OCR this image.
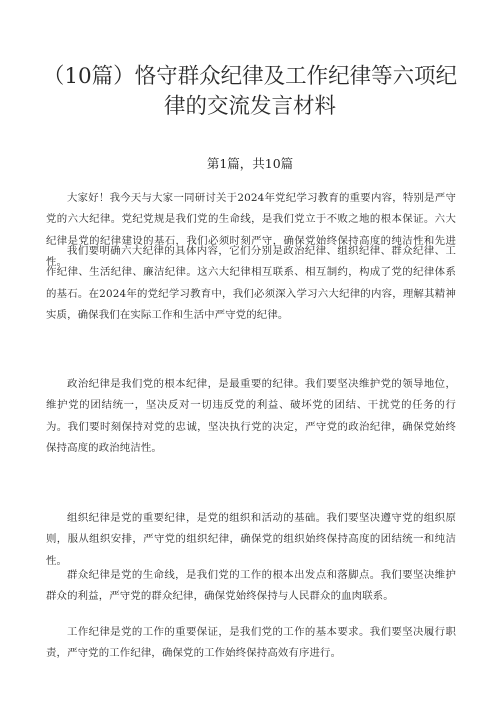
（10篇）恪守群众纪律及工作纪律等六项纪律的交流发言材料

第1篇，共10篇

大家好！我今天与大家一同研讨关于2024年党纪学习教育的重要内容，特别是严守党的六大纪律。党纪党规是我们党的生命线，是我们党立于不败之地的根本保证。六大纪律是党的纪律建设的基石，我们必须时刻严守，确保党始终保持高度的纯洁性和先进性。

我们要明确六大纪律的具体内容，它们分别是政治纪律、组织纪律、群众纪律、工作纪律、生活纪律、廉洁纪律。这六大纪律相互联系、相互制约，构成了党的纪律体系的基石。在2024年的党纪学习教育中，我们必须深入学习六大纪律的内容，理解其精神实质，确保我们在实际工作和生活中严守党的纪律。

政治纪律是我们党的根本纪律，是最重要的纪律。我们要坚决维护党的领导地位，维护党的团结统一，坚决反对一切违反党的利益、破坏党的团结、干扰党的任务的行为。我们要时刻保持对党的忠诚，坚决执行党的决定，严守党的政治纪律，确保党始终保持高度的政治纯洁性。

组织纪律是党的重要纪律，是党的组织和活动的基础。我们要坚决遵守党的组织原则，服从组织安排，严守党的组织纪律，确保党的组织始终保持高度的团结统一和纯洁性。

群众纪律是党的生命线，是我们党的工作的根本出发点和落脚点。我们要坚决维护群众的利益，严守党的群众纪律，确保党始终保持与人民群众的血肉联系。

工作纪律是党的工作的重要保证，是我们党的工作的基本要求。我们要坚决履行职责，严守党的工作纪律，确保党的工作始终保持高效有序进行。
